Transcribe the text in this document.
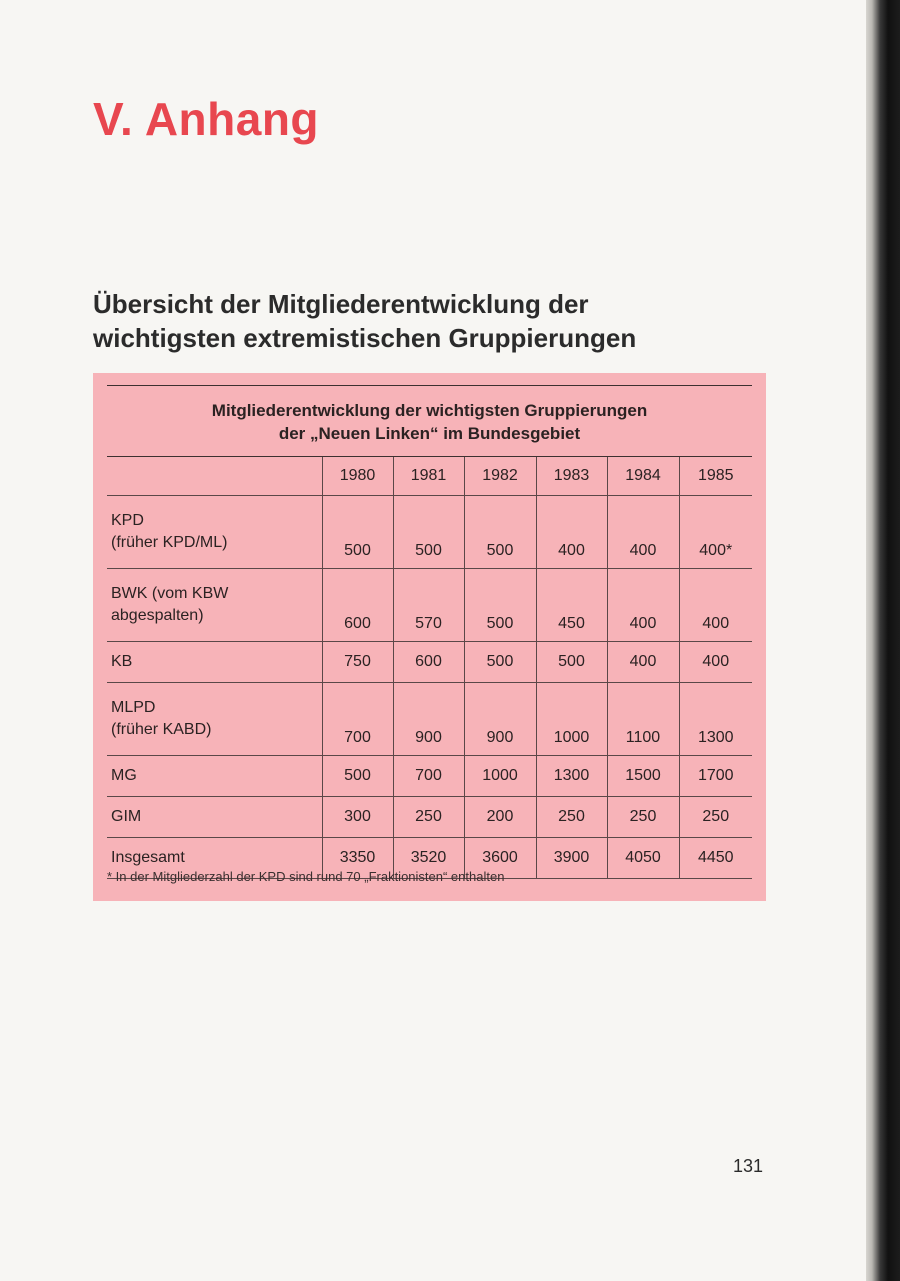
V. Anhang
Übersicht der Mitgliederentwicklung der
wichtigsten extremistischen Gruppierungen
Mitgliederentwicklung der wichtigsten Gruppierungen
der „Neuen Linken“ im Bundesgebiet
	1980	1981	1982	1983	1984	1985

KPD
(früher KPD/ML)	500	500	500	400	400	400*

BWK (vom KBW
abgespalten)	600	570	500	450	400	400
KB	750	600	500	500	400	400

MLPD
(früher KABD)	700	900	900	1000	1100	1300
MG	500	700	1000	1300	1500	1700
GIM	300	250	200	250	250	250
Insgesamt	3350	3520	3600	3900	4050	4450
* In der Mitgliederzahl der KPD sind rund 70 „Fraktionisten“ enthalten
131
